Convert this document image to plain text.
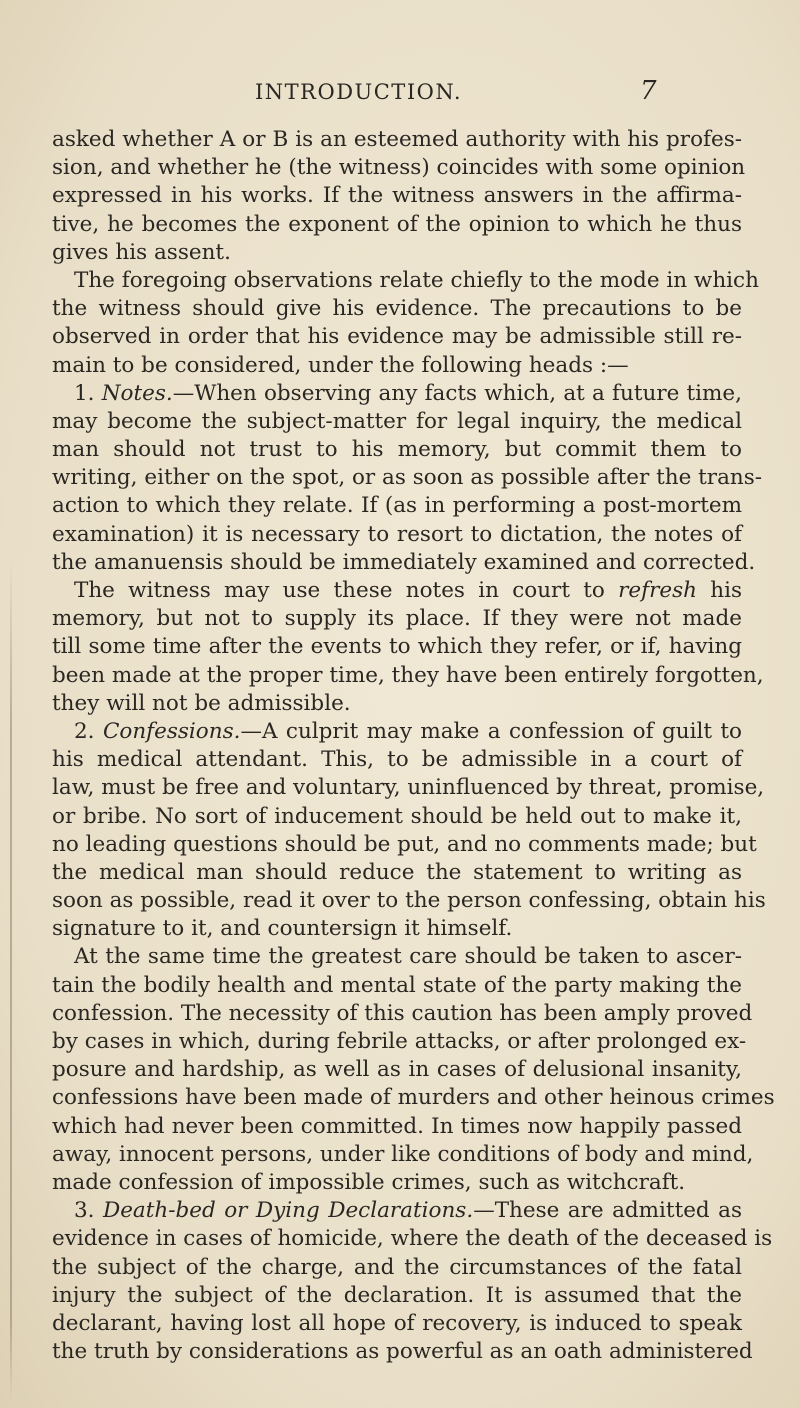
INTRODUCTION.	7
asked whether A or B is an esteemed authority with his profes-
sion, and whether he (the witness) coincides with some opinion
expressed in his works. If the witness answers in the affirma-
tive, he becomes the exponent of the opinion to which he thus
gives his assent.
The foregoing observations relate chiefly to the mode in which
the witness should give his evidence. The precautions to be
observed in order that his evidence may be admissible still re-
main to be considered, under the following heads :—
1. Notes.—When observing any facts which, at a future time,
may become the subject-matter for legal inquiry, the medical
man should not trust to his memory, but commit them to
writing, either on the spot, or as soon as possible after the trans-
action to which they relate. If (as in performing a post-mortem
examination) it is necessary to resort to dictation, the notes of
the amanuensis should be immediately examined and corrected.
The witness may use these notes in court to refresh his
memory, but not to supply its place. If they were not made
till some time after the events to which they refer, or if, having
been made at the proper time, they have been entirely forgotten,
they will not be admissible.
2. Confessions.—A culprit may make a confession of guilt to
his medical attendant. This, to be admissible in a court of
law, must be free and voluntary, uninfluenced by threat, promise,
or bribe. No sort of inducement should be held out to make it,
no leading questions should be put, and no comments made; but
the medical man should reduce the statement to writing as
soon as possible, read it over to the person confessing, obtain his
signature to it, and countersign it himself.
At the same time the greatest care should be taken to ascer-
tain the bodily health and mental state of the party making the
confession. The necessity of this caution has been amply proved
by cases in which, during febrile attacks, or after prolonged ex-
posure and hardship, as well as in cases of delusional insanity,
confessions have been made of murders and other heinous crimes
which had never been committed. In times now happily passed
away, innocent persons, under like conditions of body and mind,
made confession of impossible crimes, such as witchcraft.
3. Death-bed or Dying Declarations.—These are admitted as
evidence in cases of homicide, where the death of the deceased is
the subject of the charge, and the circumstances of the fatal
injury the subject of the declaration. It is assumed that the
declarant, having lost all hope of recovery, is induced to speak
the truth by considerations as powerful as an oath administered
